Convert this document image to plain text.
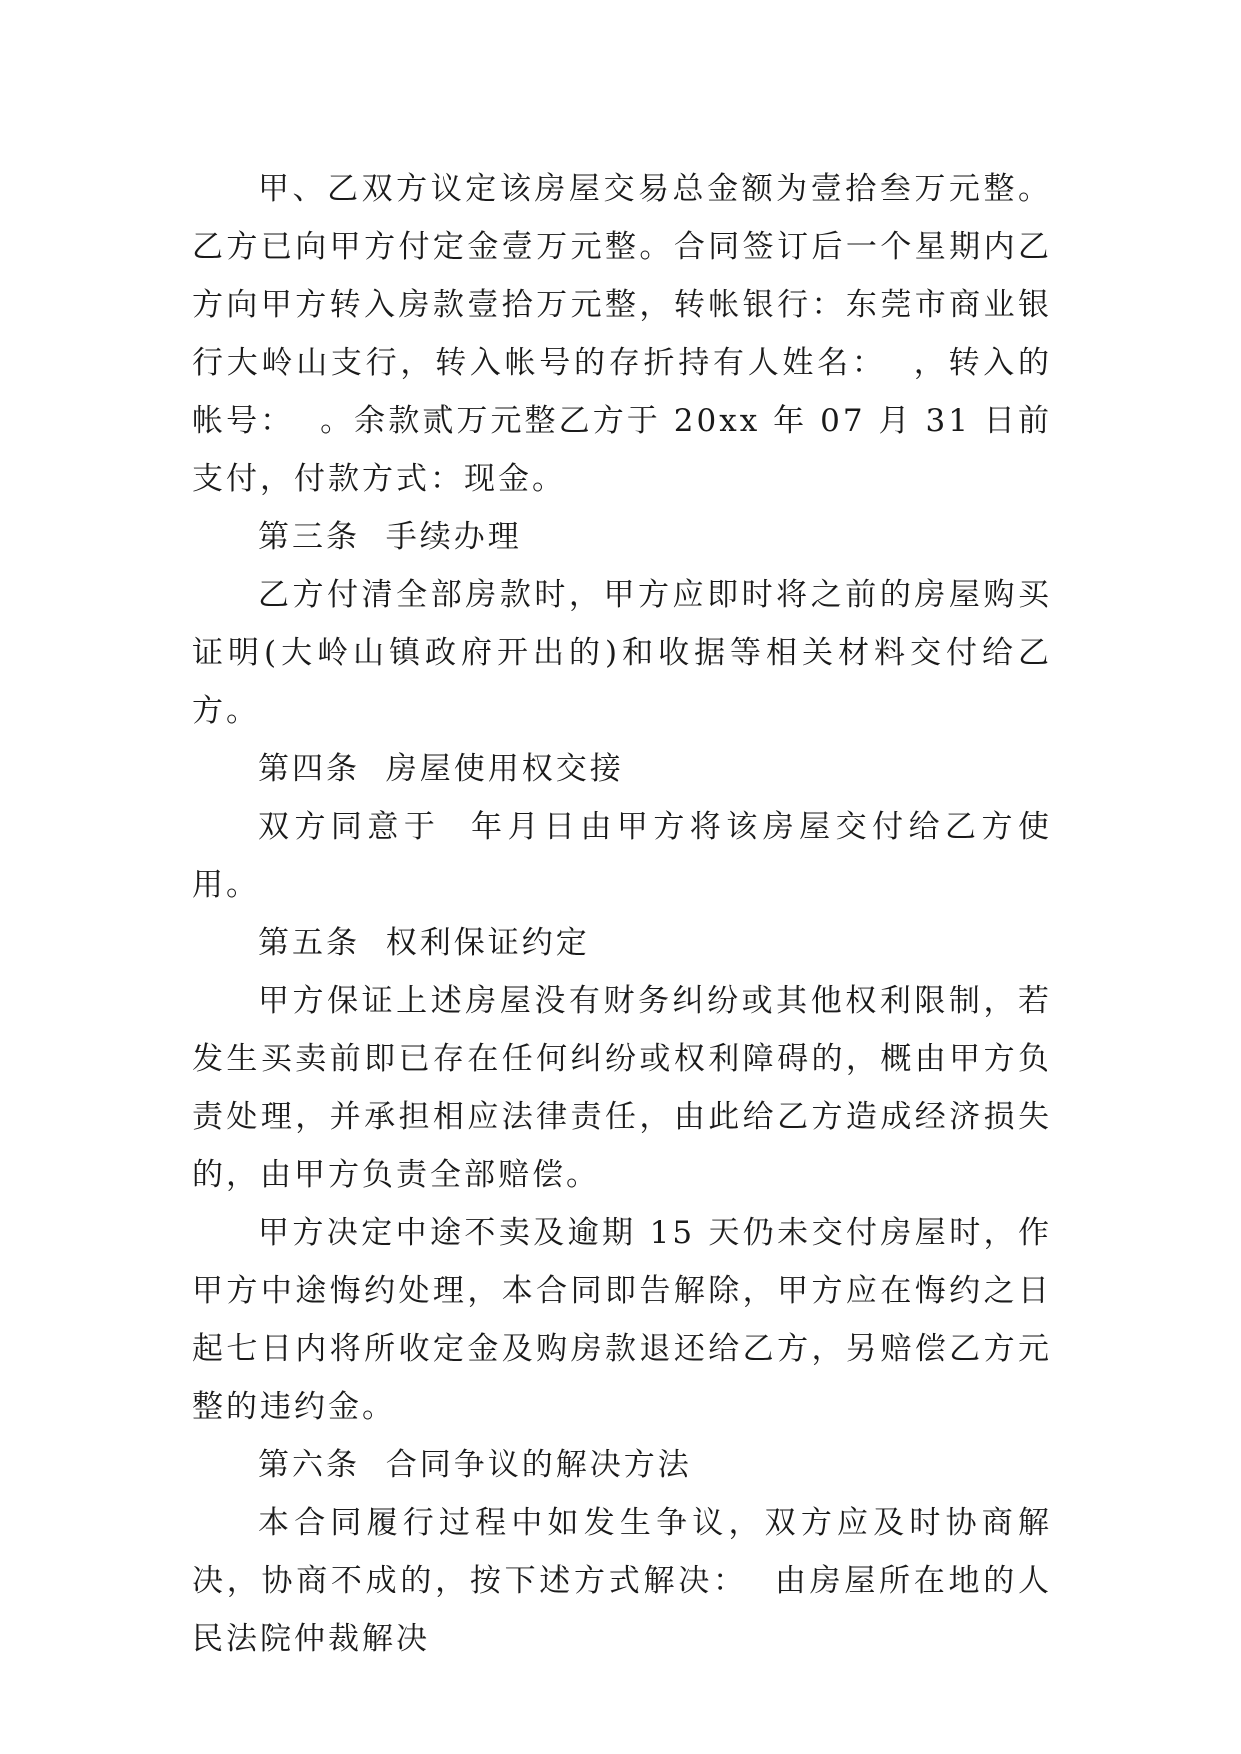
甲、乙双方议定该房屋交易总金额为壹拾叁万元整。乙方已向甲方付定金壹万元整。合同签订后一个星期内乙方向甲方转入房款壹拾万元整，转帐银行：东莞市商业银行大岭山支行，转入帐号的存折持有人姓名：  ，转入的帐号：  。余款贰万元整乙方于 20xx 年 07 月 31 日前支付，付款方式：现金。

第三条  手续办理

乙方付清全部房款时，甲方应即时将之前的房屋购买证明(大岭山镇政府开出的)和收据等相关材料交付给乙方。

第四条  房屋使用权交接

双方同意于  年月日由甲方将该房屋交付给乙方使用。

第五条  权利保证约定

甲方保证上述房屋没有财务纠纷或其他权利限制，若发生买卖前即已存在任何纠纷或权利障碍的，概由甲方负责处理，并承担相应法律责任，由此给乙方造成经济损失的，由甲方负责全部赔偿。

甲方决定中途不卖及逾期 15 天仍未交付房屋时，作甲方中途悔约处理，本合同即告解除，甲方应在悔约之日起七日内将所收定金及购房款退还给乙方，另赔偿乙方元整的违约金。

第六条  合同争议的解决方法

本合同履行过程中如发生争议，双方应及时协商解决，协商不成的，按下述方式解决：  由房屋所在地的人民法院仲裁解决
